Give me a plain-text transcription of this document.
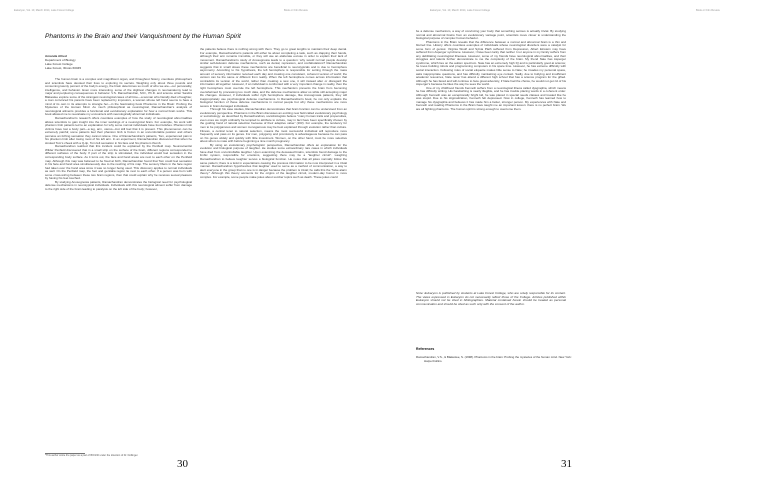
Eukaryon, Vol. 10, March 2014, Lake Forest College	Book or Film Review
Phantoms in the Brain and their Vanquishment by the Human Spirit
Amanda Allred
Department of Biology
Lake Forest College
Lake Forest, Illinois 60045

The human brain is a complex and magnificent organ, and throughout history, countless philosophers and scientists have devoted their lives to exploring its secrets. Weighing only about three pounds and consuming twenty percent of the body's energy, the brain determines so much of who we are—our personality, intelligence, and behavior. Even more interesting, some of the slightest changes in neuroanatomy lead to major and perplexing consequences in behavior. V.S. Ramachandran, M.D., Ph.D. and science writer Sandra Blakeslee explore some of the strangest neurological cases of all time—a woman who literally died of laughter, a man convinced his parents have been replaced by impostors, a woman whose left hand seems to have a mind of its own in its attempts to strangle her—in the fascinating book Phantoms in the Brain: Probing the Mysteries of the Human Mind. As much philosophical as neurological, Ramachandran's analysis of neurological ailments provides a functional and evolutionary explanation for how a normal brain works. This book allowed me to reevaluate my encounters with neurologically abnormal individuals.

Ramachandran's research offers countless examples of how the study of neurological abnormalities allows scientists to gain insight into the inner workings of a neurotypical brain. For example, his work with phantom limb patients led to an explanation for why some normal individuals have foot fetishes. Phantom limb victims have lost a body part—a leg, arm, uterus—but still feel that it is present. This phenomenon can be extremely painful; some patients feel their phantom limb is frozen in an uncomfortable position and others perceive an itching sensation they cannot relieve. One of Ramachandran's patients, Tom, experienced pain in his phantom limb after losing most of his left arm. In an experiment, Ramachandran discovered that when he stroked Tom's cheek with a Q-tip, Tom felt sensation in his face and his phantom thumb.

Ramachandran realized that this incident could be explained by the Penfield map. Neuroscientist Wilder Penfield discovered that in a small strip on the surface of the brain, different regions corresponded to different surfaces of the body. If part of the strip is stimulated, the individual would feel sensation in the corresponding body surface. As it turns out, the face and hand areas are next to each other on the Penfield map. Although this map was believed to be fixed at birth, Ramachandran found that Tom could feel sensation in his face and hand area simultaneously due to the rewiring of his map. The sensory fibers in the face region had taken over the hand area since it was no longer being used. This discovery applies to normal individuals as well. On the Penfield map, the foot and genitalia region lie next to each other. If a person was born with some cross-wiring between these two brain regions, then that could explain why he receives sexual pleasure by having his feet touched.

By studying Anosognosia patients, Ramachandran demonstrates the biological need for psychological defense mechanisms in neurotypical individuals. Individuals with this neurological ailment suffer from damage to the right side of the brain leading to paralysis on the left side of the body; however,

the patients believe there is nothing wrong with them. They go to great lengths to maintain their deep denial. For example, Ramachandran's patients will either lie about completing a task, such as clapping their hands, although their arm remains immobile, or they will use an elaborate excuse in order to explain their lack of movement. Ramachandran's study of Anosognosia leads to a question: why would normal people develop similar self-delusion defense mechanisms, such as denial, repression, and confabulations? Ramachandran suggests that in small doses these mechanisms are beneficial to neurotypicals and is due to hemisphere asymmetry. According to his hypothesis, the left hemisphere is responsible for sorting through the mass amount of sensory information received each day and creating one consistent, coherent version of world; the version can be the same or different from reality. When the left hemisphere comes across information that contradicts its version of the world, rather than creating a new one, it will instead alter or disregard the information all together. However, if an individual is confronted with a very important change in reality, then the right hemisphere must overrule the left hemisphere. This mechanism prevents the brain from becoming overwhelmed by processing too much data, and the defense mechanisms allow us while still accepting major life changes. However, if individuals suffer right hemisphere damage, like Anosognosia patients, they will inappropriately use psychological defense mechanisms. In Ramachandran's book, he not only explains the biological function of these defense mechanisms in normal people but why these mechanisms are more severe in brain damaged individuals.

Through his case studies, Ramachandran demonstrates that brain function can be understood from an evolutionary perspective. Phantoms in the Brain discusses an exciting new field called evolutionary psychology or sociobiology: as described by Ramachandran, sociobiologists believe "many human traits and propensities, even ones we might ordinarily be tempted to attribute to culture, may in fact have been specifically chosen by the guiding hand of natural selection because of their adaptive value" (163). For example, the tendency for men to be polygamous and women monogamous may be best explained through evolution rather than culture. Fitness, a central tenet to natural selection, means the most successful individual will reproduce more frequently and pass on its genes. For men, polygamy and promiscuity is advantageous because he can pass on his genes widely and quickly with little investment. Women, on the other hand, must be more selective about whom to mate with before beginning a nine month pregnancy.

By using an evolutionary psychologists' perspective, Ramachandran offers an explanation for the evolution and biological purpose of laughter. He studies some extraordinary rare cases in which individuals have died from uncontrollable laughter. Upon examining the deceased brains, scientists found damage to the limbic system, responsible for emotions, suggesting there may be a "laughter circuit". Laughing Ramachandran to believe laughter serves a biological function. He notes that all jokes normally follow the same pattern; there is a twist in expectations causing the previous information to be now interpreted in a trivial manner. Ramachandran hypothesizes that laughter used to serve as a method of communication, a way to alert everyone in the group that no one is in danger because the problem is trivial; he calls this the "false alarm theory." Although this theory accounts for the origins of the laughter circuit, modern-day humor is more complex. For example, some people make jokes about somber topics such as death. These jokes could

*This author wrote the paper as a part of BIO130 under the direction of Dr. Dollinger.
30
Eukaryon, Vol. 10, March 2014, Lake Forest College	Book or Film Review

be a defense mechanism, a way of convincing your body that something serious is actually trivial. By studying normal and abnormal brains from an evolutionary vantage point, scientists move closer to understanding the biological purpose of complex human behavior.

Phantoms in the Brain reveals that the difference between a normal and abnormal brain is a thin and blurred line. History offers countless examples of individuals whose neurological disorders were a catalyst for some form of genius: Virginia Woolf and Sylvia Plath suffered from Depression, Albert Einstein may have suffered from Asperger syndrome. However, I have been lucky that neither I nor anyone in my family suffers from any debilitating neurological illnesses. However, some of my friends have neurological abnormalities, and their struggles and talents further demonstrate to me the complexity of the brain. My friend Nate has Asperger syndrome, which lies on the autism spectrum. Nate has an extremely high IQ and is particularly good at science; he loves building robots and programming computers in his spare time. However, he has extreme difficulty with social interaction. Following rules of social etiquette makes little sense to Nate; he invades my personal space, asks inappropriate questions, and has difficulty maintaining eye contact. Sadly, due to bullying and insufficient academic resources, Nate never has attend a different high school that has a science program for the gifted. Although he has faced and will continue to face great adversity, if Nate had the choice, he would not get rid of his Asperger's because he likes the way he sees the world.

One of my childhood friends Kenneth suffers from a neurological illness called dysgraphia, which means he has difficulty writing. His handwriting is nearly illegible, and he has trouble placing words in a coherent order. Although Kenneth was an exceptionally bright kid, he was placed in special needs classes and treated like he was stupid. Due to his stigmatization, Kenneth felt depressed. Now in college, Kenneth has learned how to manage his dysgraphia and believes it has made him a better, stronger person. My experiences with Nate and Kenneth and reading Phantoms in the Brain have taught me an important lesson: there is no perfect brain. We are all fighting phantoms. The human spirit is strong enough to overcome them.

Note: Eukaryon is published by students at Lake Forest College, who are solely responsible for its content. The views expressed in Eukaryon do not necessarily reflect those of the College. Articles published within Eukaryon should not be cited in bibliographies. Material contained herein should be treated as personal communication and should be cited as such only with the consent of the author.
References
Ramachandran, V.S., & Blakeslee, S. (1998). Phantoms in the brain: Probing the mysteries of the human mind. New York: HarperCollins.
31
